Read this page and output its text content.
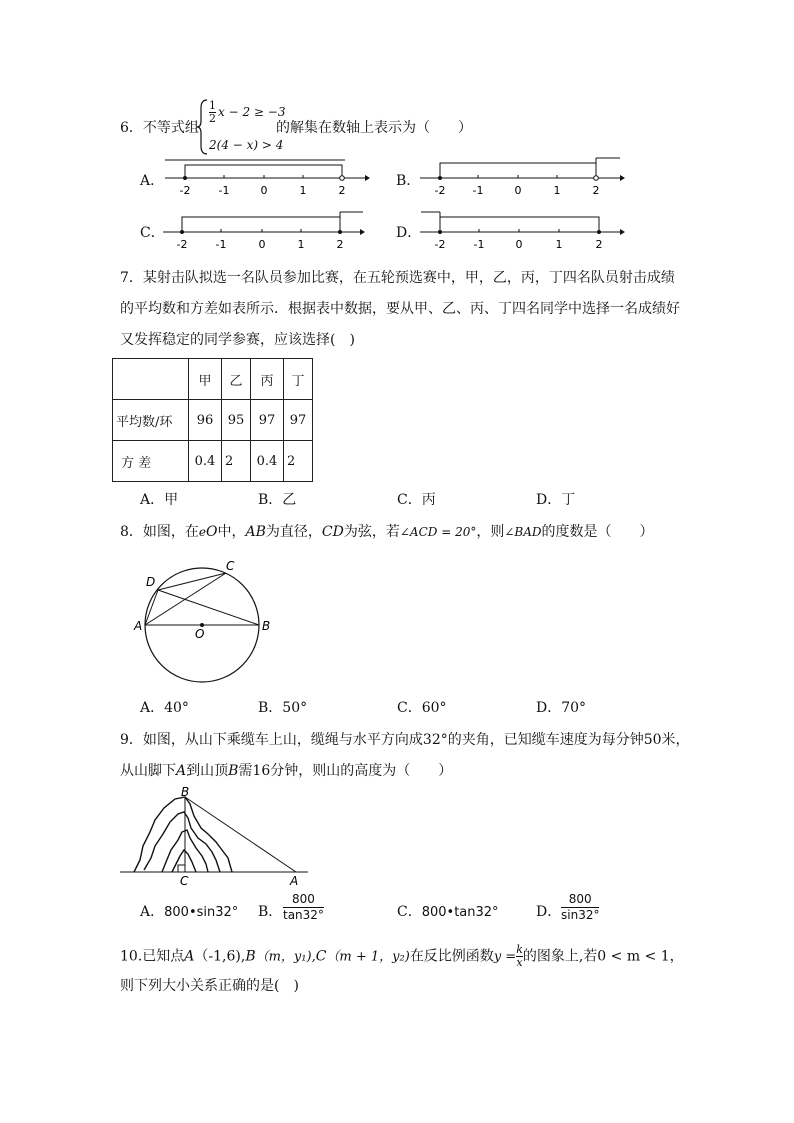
6．不等式组
$\frac{1}{2}$ x − 2 ≥ −3
2(4 − x) > 4
的解集在数轴上表示为（　　）
A．	B．
C．	D．
-2	-1	0	1	2	-2 -1	0	1	2
-2	-1	0	1	2	-2	-1	0	1	2
7．某射击队拟选一名队员参加比赛，在五轮预选赛中，甲，乙，丙，丁四名队员射击成绩
的平均数和方差如表所示．根据表中数据，要从甲、乙、丙、丁四名同学中选择一名成绩好
又发挥稳定的同学参赛，应该选择(　)
	甲	乙	丙	丁
平均数/环	96	95	97	97
方 差	0.4	2	0.4	2
A．甲	B．乙	C．丙	D．丁
8．如图，在eO中，AB为直径，CD为弦，若∠ACD = 20°，则∠BAD的度数是（　　）
A	B
C
D
O
A．40°	B．50°	C．60°	D．70°
9．如图，从山下乘缆车上山，缆绳与水平方向成32°的夹角，已知缆车速度为每分钟50米，
从山脚下A到山顶B需16分钟，则山的高度为（　　）
B
C	A
A．800•sin32° B． $\frac{800}{\tan 32^\circ}$	C．800•tan32°	D． $\frac{800}{\sin 32^\circ}$
10.已知点A（-1,6),B（m，y₁),C（m + 1，y₂)在反比例函数$y = \frac{k}{x}$ 的图象上,若0 < m < 1，
则下列大小关系正确的是(　)
